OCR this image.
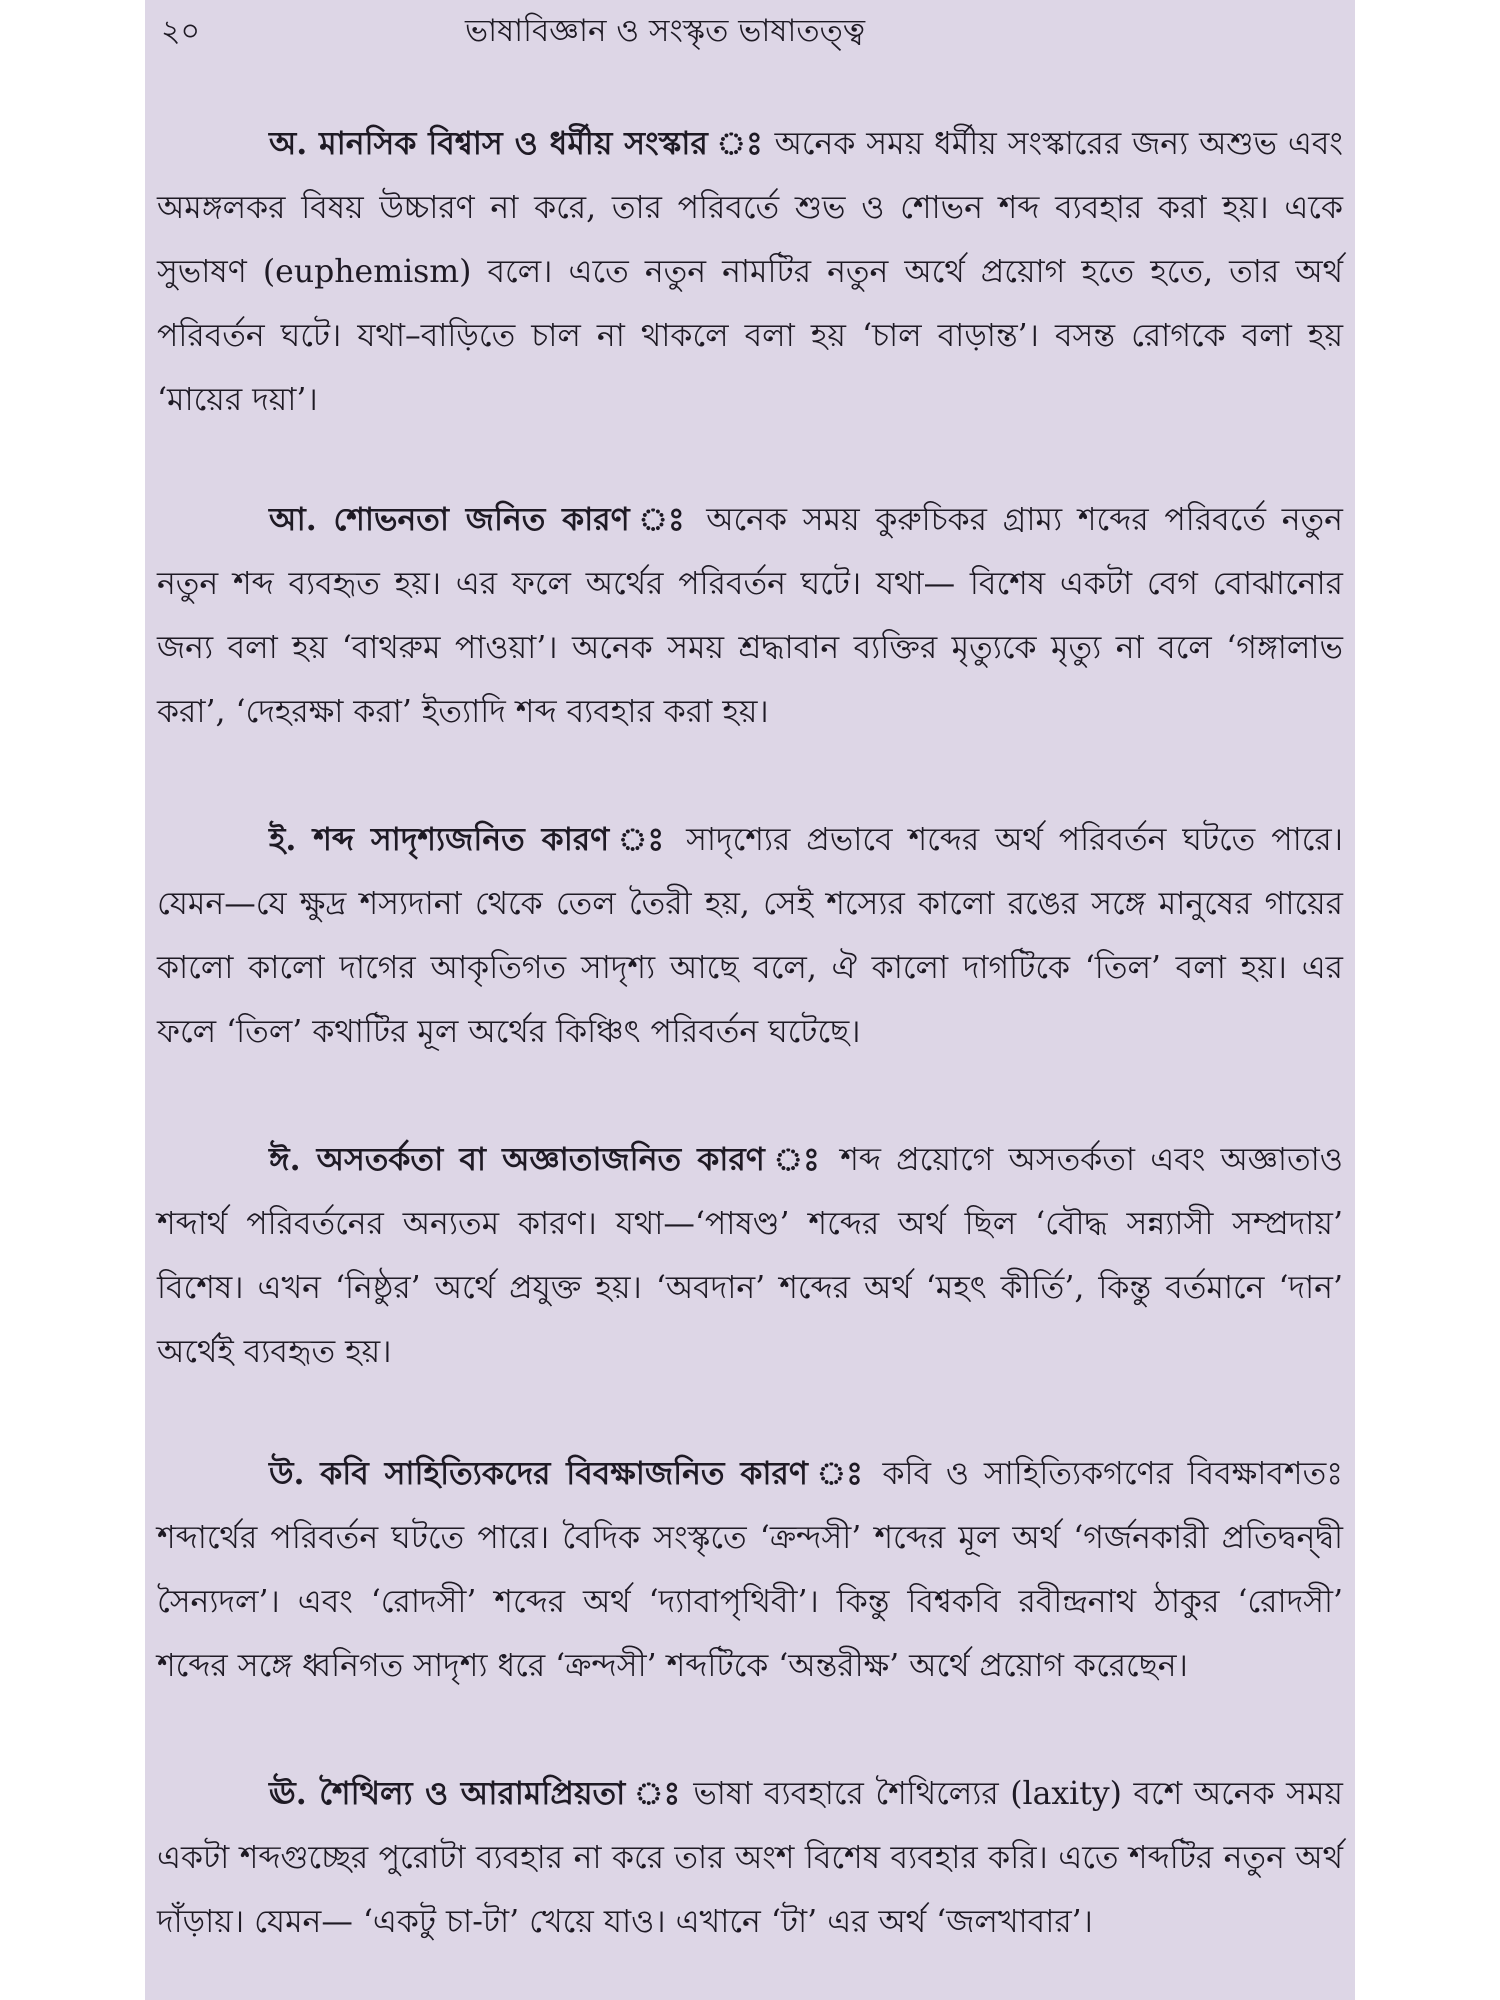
২০	ভাষাবিজ্ঞান ও সংস্কৃত ভাষাতত্ত্ব

অ. মানসিক বিশ্বাস ও ধর্মীয় সংস্কার ঃ অনেক সময় ধর্মীয় সংস্কারের জন্য অশুভ এবং অমঙ্গলকর বিষয় উচ্চারণ না করে, তার পরিবর্তে শুভ ও শোভন শব্দ ব্যবহার করা হয়। একে সুভাষণ (euphemism) বলে। এতে নতুন নামটির নতুন অর্থে প্রয়োগ হতে হতে, তার অর্থ পরিবর্তন ঘটে। যথা–বাড়িতে চাল না থাকলে বলা হয় ‘চাল বাড়ান্ত’। বসন্ত রোগকে বলা হয় ‘মায়ের দয়া’।

আ. শোভনতা জনিত কারণ ঃ অনেক সময় কুরুচিকর গ্রাম্য শব্দের পরিবর্তে নতুন নতুন শব্দ ব্যবহৃত হয়। এর ফলে অর্থের পরিবর্তন ঘটে। যথা— বিশেষ একটা বেগ বোঝানোর জন্য বলা হয় ‘বাথরুম পাওয়া’। অনেক সময় শ্রদ্ধাবান ব্যক্তির মৃত্যুকে মৃত্যু না বলে ‘গঙ্গালাভ করা’, ‘দেহরক্ষা করা’ ইত্যাদি শব্দ ব্যবহার করা হয়।

ই. শব্দ সাদৃশ্যজনিত কারণ ঃ সাদৃশ্যের প্রভাবে শব্দের অর্থ পরিবর্তন ঘটতে পারে। যেমন—যে ক্ষুদ্র শস্যদানা থেকে তেল তৈরী হয়, সেই শস্যের কালো রঙের সঙ্গে মানুষের গায়ের কালো কালো দাগের আকৃতিগত সাদৃশ্য আছে বলে, ঐ কালো দাগটিকে ‘তিল’ বলা হয়। এর ফলে ‘তিল’ কথাটির মূল অর্থের কিঞ্চিৎ পরিবর্তন ঘটেছে।

ঈ. অসতর্কতা বা অজ্ঞাতাজনিত কারণ ঃ শব্দ প্রয়োগে অসতর্কতা এবং অজ্ঞাতাও শব্দার্থ পরিবর্তনের অন্যতম কারণ। যথা—‘পাষণ্ড’ শব্দের অর্থ ছিল ‘বৌদ্ধ সন্ন্যাসী সম্প্রদায়’ বিশেষ। এখন ‘নিষ্ঠুর’ অর্থে প্রযুক্ত হয়। ‘অবদান’ শব্দের অর্থ ‘মহৎ কীর্তি’, কিন্তু বর্তমানে ‘দান’ অর্থেই ব্যবহৃত হয়।

উ. কবি সাহিত্যিকদের বিবক্ষাজনিত কারণ ঃ কবি ও সাহিত্যিকগণের বিবক্ষাবশতঃ শব্দার্থের পরিবর্তন ঘটতে পারে। বৈদিক সংস্কৃতে ‘ক্রন্দসী’ শব্দের মূল অর্থ ‘গর্জনকারী প্রতিদ্বন্দ্বী সৈন্যদল’। এবং ‘রোদসী’ শব্দের অর্থ ‘দ্যাবাপৃথিবী’। কিন্তু বিশ্বকবি রবীন্দ্রনাথ ঠাকুর ‘রোদসী’ শব্দের সঙ্গে ধ্বনিগত সাদৃশ্য ধরে ‘ক্রন্দসী’ শব্দটিকে ‘অন্তরীক্ষ’ অর্থে প্রয়োগ করেছেন।

ঊ. শৈথিল্য ও আরামপ্রিয়তা ঃ ভাষা ব্যবহারে শৈথিল্যের (laxity) বশে অনেক সময় একটা শব্দগুচ্ছের পুরোটা ব্যবহার না করে তার অংশ বিশেষ ব্যবহার করি। এতে শব্দটির নতুন অর্থ দাঁড়ায়। যেমন— ‘একটু চা-টা’ খেয়ে যাও। এখানে ‘টা’ এর অর্থ ‘জলখাবার’।
